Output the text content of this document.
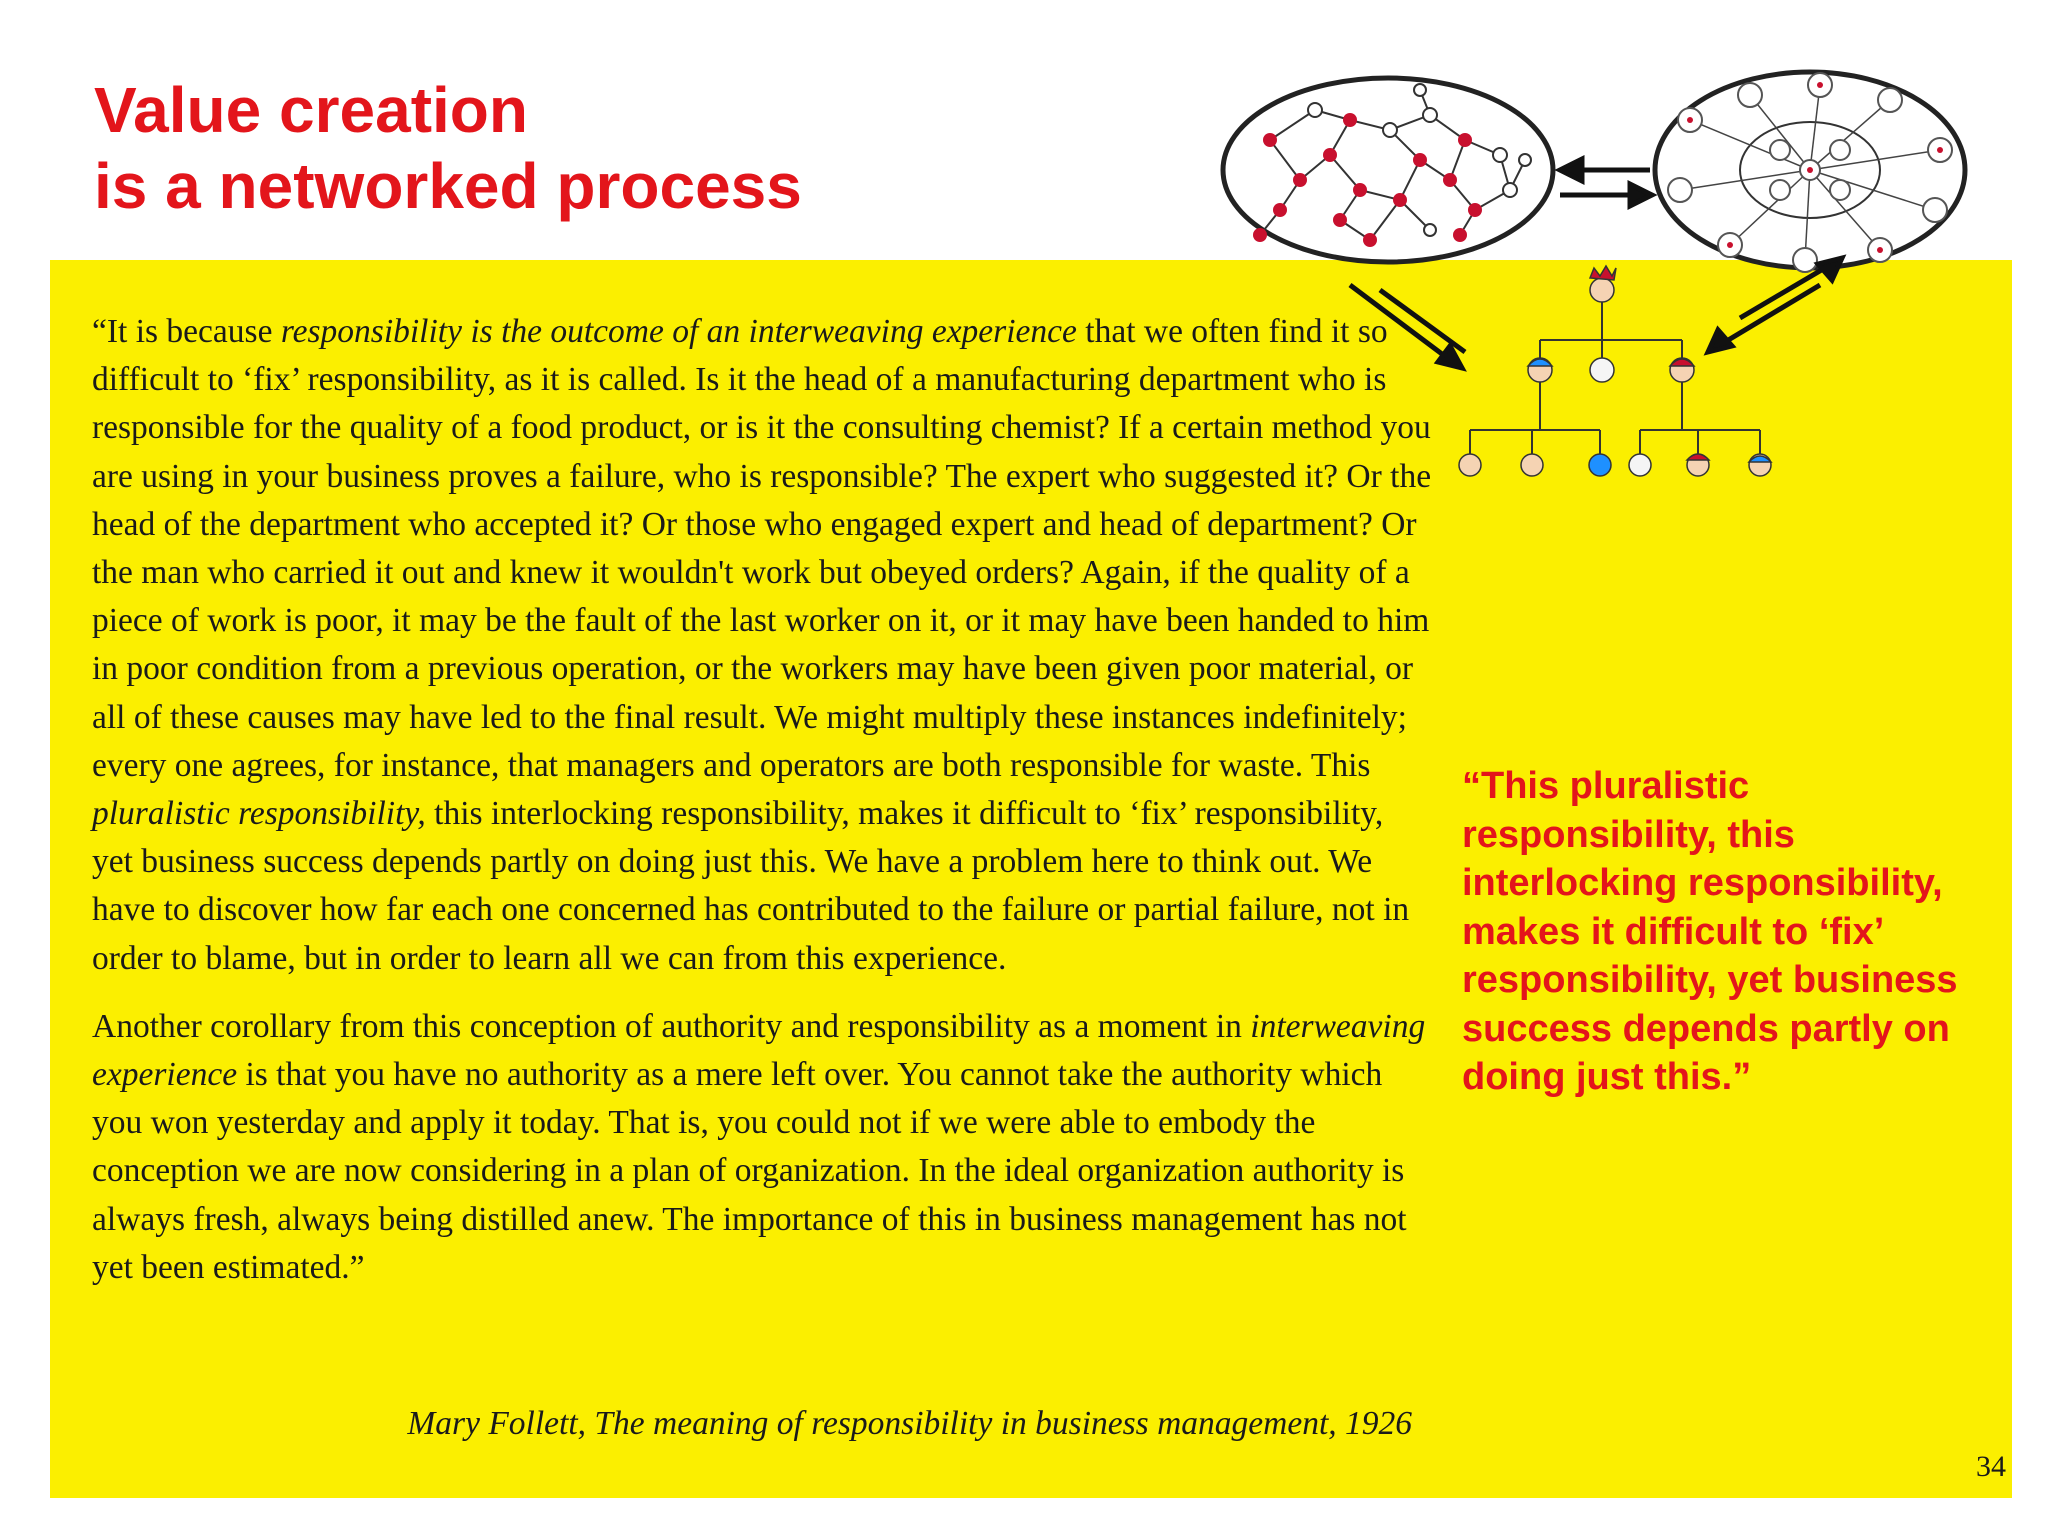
Value creation
is a networked process

“It is because responsibility is the outcome of an interweaving experience that we often find it so difficult to ‘fix’ responsibility, as it is called. Is it the head of a manufacturing department who is responsible for the quality of a food product, or is it the consulting chemist? If a certain method you are using in your business proves a failure, who is responsible? The expert who suggested it? Or the head of the department who accepted it? Or those who engaged expert and head of department? Or the man who carried it out and knew it wouldn't work but obeyed orders? Again, if the quality of a piece of work is poor, it may be the fault of the last worker on it, or it may have been handed to him in poor condition from a previous operation, or the workers may have been given poor material, or all of these causes may have led to the final result. We might multiply these instances indefinitely; every one agrees, for instance, that managers and operators are both responsible for waste. This pluralistic responsibility, this interlocking responsibility, makes it difficult to ‘fix’ responsibility, yet business success depends partly on doing just this. We have a problem here to think out. We have to discover how far each one concerned has contributed to the failure or partial failure, not in order to blame, but in order to learn all we can from this experience.

Another corollary from this conception of authority and responsibility as a moment in interweaving experience is that you have no authority as a mere left over. You cannot take the authority which you won yesterday and apply it today. That is, you could not if we were able to embody the conception we are now considering in a plan of organization. In the ideal organization authority is always fresh, always being distilled anew. The importance of this in business management has not yet been estimated.”

Mary Follett, The meaning of responsibility in business management, 1926
“This pluralistic responsibility, this interlocking responsibility, makes it difficult to ‘fix’ responsibility, yet business success depends partly on doing just this.”
34
